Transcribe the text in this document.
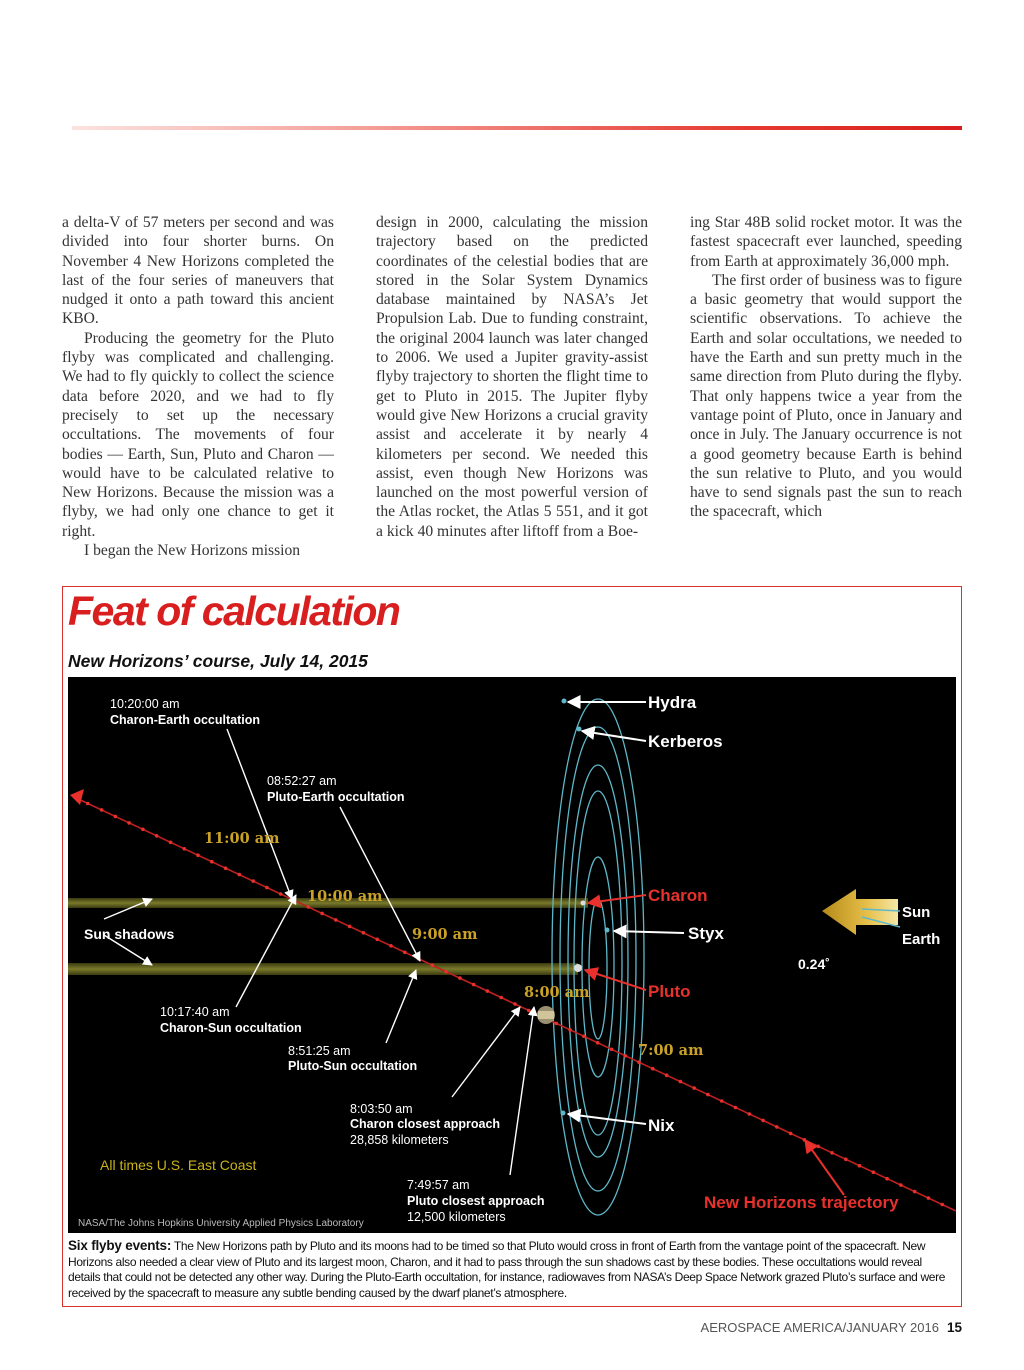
a delta-V of 57 meters per second and was divided into four shorter burns. On November 4 New Horizons completed the last of the four series of maneuvers that nudged it onto a path toward this ancient KBO.

Producing the geometry for the Pluto flyby was complicated and challenging. We had to fly quickly to collect the science data before 2020, and we had to fly precisely to set up the necessary occultations. The movements of four bodies — Earth, Sun, Pluto and Charon — would have to be calculated relative to New Horizons. Because the mission was a flyby, we had only one chance to get it right.

I began the New Horizons mission

design in 2000, calculating the mission trajectory based on the predicted coordinates of the celestial bodies that are stored in the Solar System Dynamics database maintained by NASA’s Jet Propulsion Lab. Due to funding constraint, the original 2004 launch was later changed to 2006. We used a Jupiter gravity-assist flyby trajectory to shorten the flight time to get to Pluto in 2015. The Jupiter flyby would give New Horizons a crucial gravity assist and accelerate it by nearly 4 kilometers per second. We needed this assist, even though New Horizons was launched on the most powerful version of the Atlas rocket, the Atlas 5 551, and it got a kick 40 minutes after liftoff from a Boe-

ing Star 48B solid rocket motor. It was the fastest spacecraft ever launched, speeding from Earth at approximately 36,000 mph.

The first order of business was to figure a basic geometry that would support the scientific observations. To achieve the Earth and solar occultations, we needed to have the Earth and sun pretty much in the same direction from Pluto during the flyby. That only happens twice a year from the vantage point of Pluto, once in January and once in July. The January occurrence is not a good geometry because Earth is behind the sun relative to Pluto, and you would have to send signals past the sun to reach the spacecraft, which

Feat of calculation
New Horizons’ course, July 14, 2015
10:20:00 am
Charon-Earth occultation
08:52:27 am
Pluto-Earth occultation
10:17:40 am
Charon-Sun occultation
8:51:25 am
Pluto-Sun occultation
8:03:50 am
Charon closest approach
28,858 kilometers
7:49:57 am
Pluto closest approach
12,500 kilometers
11:00 am
10:00 am
9:00 am
8:00 am
7:00 am
Hydra
Kerberos
Charon
Styx
Pluto
Nix
Sun shadows
Sun
Earth
0.24˚
All times U.S. East Coast
New Horizons trajectory
NASA/The Johns Hopkins University Applied Physics Laboratory
Six flyby events: The New Horizons path by Pluto and its moons had to be timed so that Pluto would cross in front of Earth from the vantage point of the spacecraft. New Horizons also needed a clear view of Pluto and its largest moon, Charon, and it had to pass through the sun shadows cast by these bodies. These occultations would reveal details that could not be detected any other way. During the Pluto-Earth occultation, for instance, radiowaves from NASA’s Deep Space Network grazed Pluto’s surface and were received by the spacecraft to measure any subtle bending caused by the dwarf planet’s atmosphere.
AEROSPACE AMERICA/JANUARY 2016 15
